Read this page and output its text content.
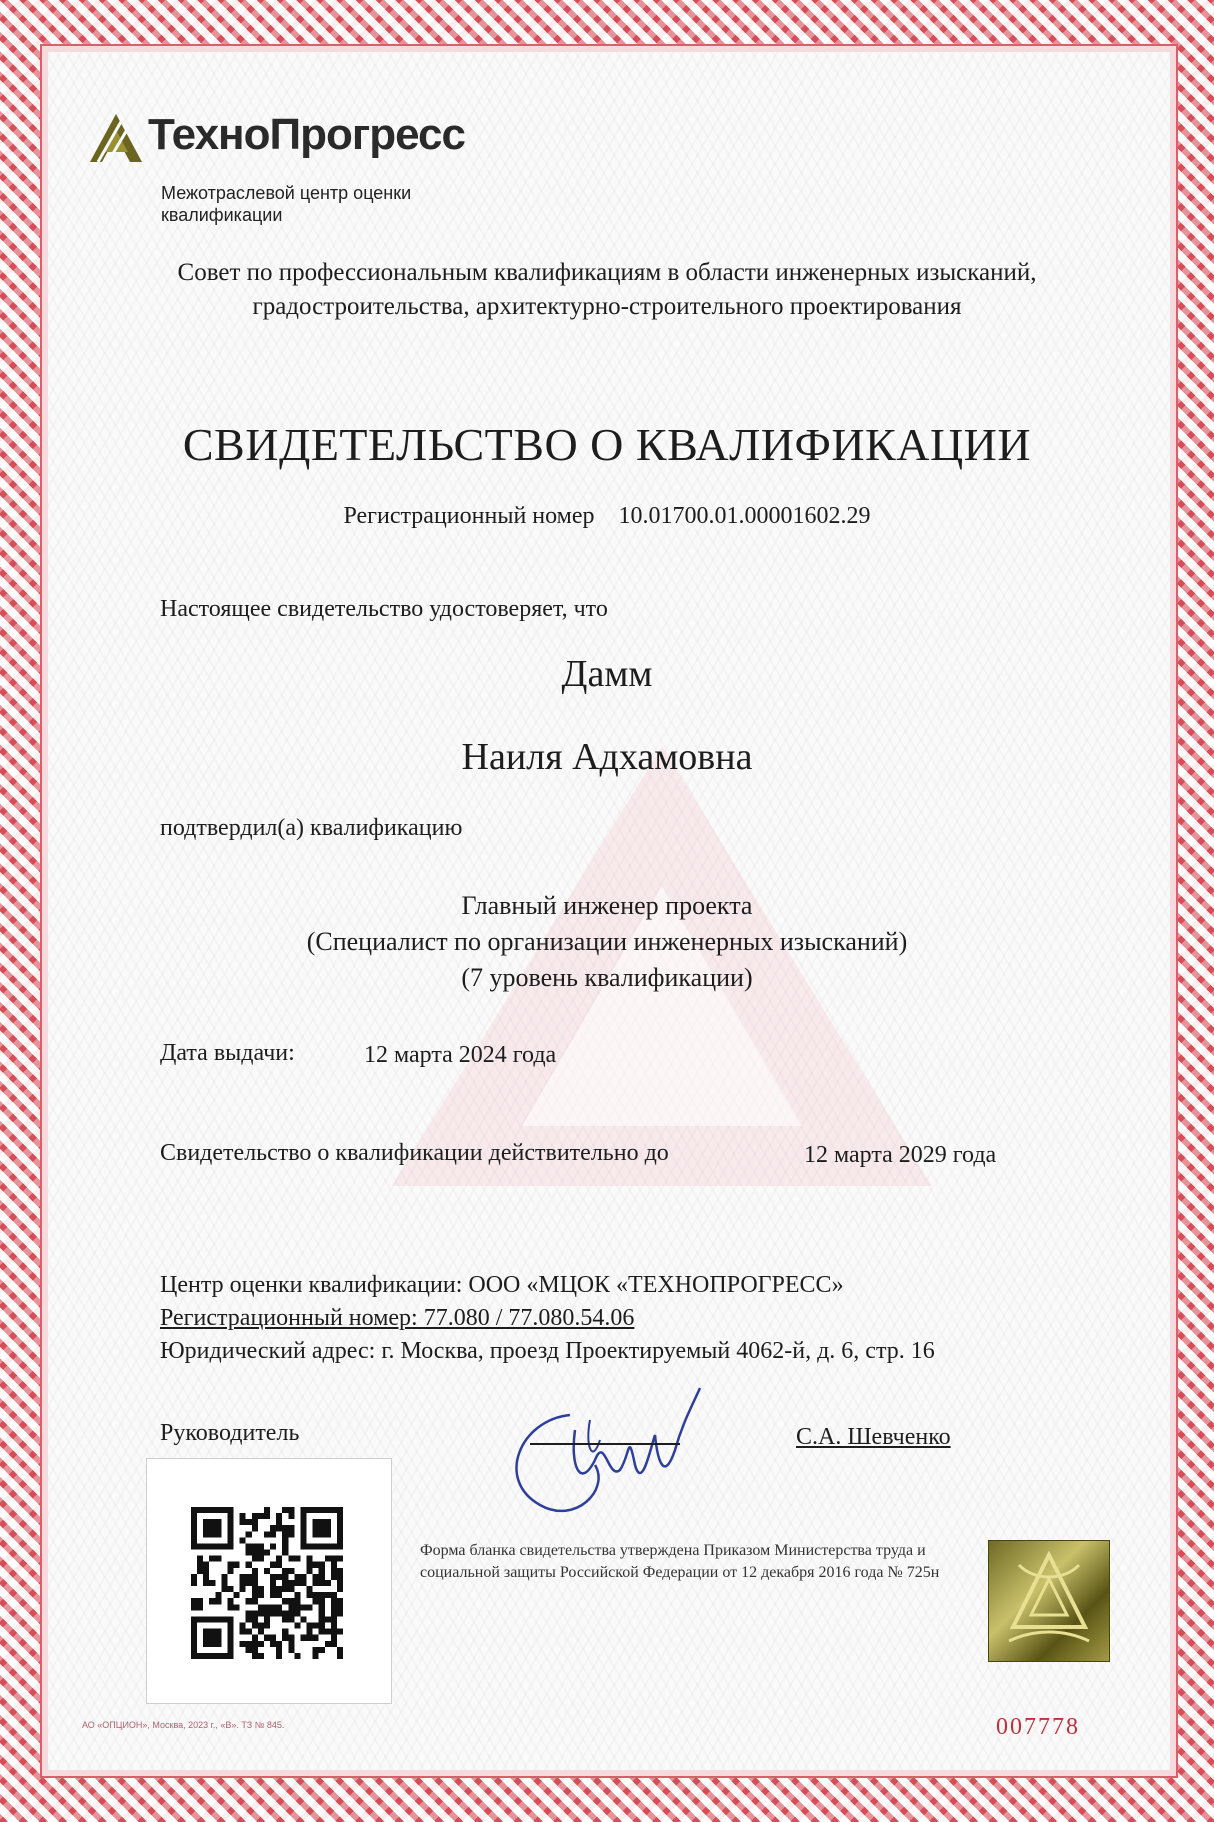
ТехноПрогресс
Межотраслевой центр оценки квалификации
Совет по профессиональным квалификациям в области инженерных изысканий,
градостроительства, архитектурно-строительного проектирования
СВИДЕТЕЛЬСТВО О КВАЛИФИКАЦИИ
Регистрационный номер 10.01700.01.00001602.29
Настоящее свидетельство удостоверяет, что
Дамм
Наиля Адхамовна
подтвердил(а) квалификацию
Главный инженер проекта
(Специалист по организации инженерных изысканий)
(7 уровень квалификации)
Дата выдачи:	12 марта 2024 года
Свидетельство о квалификации действительно до	12 марта 2029 года
Центр оценки квалификации: ООО «МЦОК «ТЕХНОПРОГРЕСС»
Регистрационный номер: 77.080 / 77.080.54.06
Юридический адрес: г. Москва, проезд Проектируемый 4062-й, д. 6, стр. 16
Руководитель	С.А. Шевченко
Форма бланка свидетельства утверждена Приказом Министерства труда и социальной защиты Российской Федерации от 12 декабря 2016 года № 725н
007778
АО «ОПЦИОН», Москва, 2023 г., «В». ТЗ № 845.
